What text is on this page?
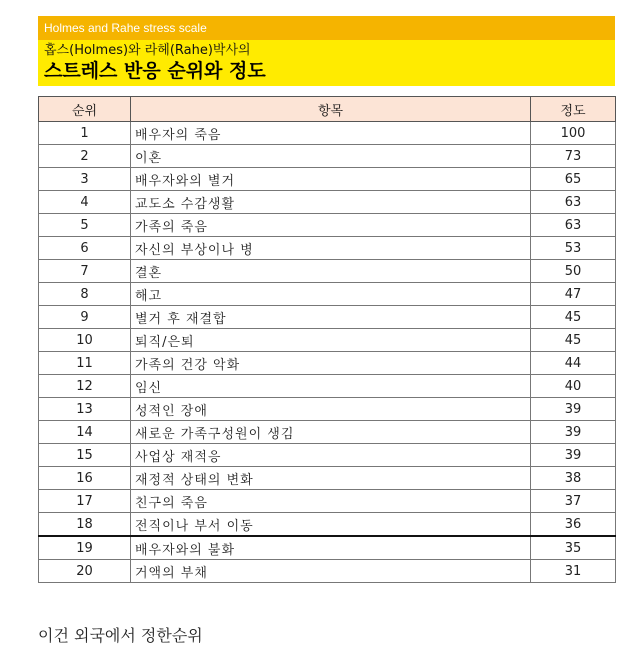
Holmes and Rahe stress scale
홉스(Holmes)와 라헤(Rahe)박사의
스트레스 반응 순위와 정도
순위	항목	정도
1	배우자의 죽음	100
2	이혼	73
3	배우자와의 별거	65
4	교도소 수감생활	63
5	가족의 죽음	63
6	자신의 부상이나 병	53
7	결혼	50
8	해고	47
9	별거 후 재결합	45
10	퇴직/은퇴	45
11	가족의 건강 악화	44
12	임신	40
13	성적인 장애	39
14	새로운 가족구성원이 생김	39
15	사업상 재적응	39
16	재정적 상태의 변화	38
17	친구의 죽음	37
18	전직이나 부서 이동	36
19	배우자와의 불화	35
20	거액의 부채	31
이건 외국에서 정한순위
